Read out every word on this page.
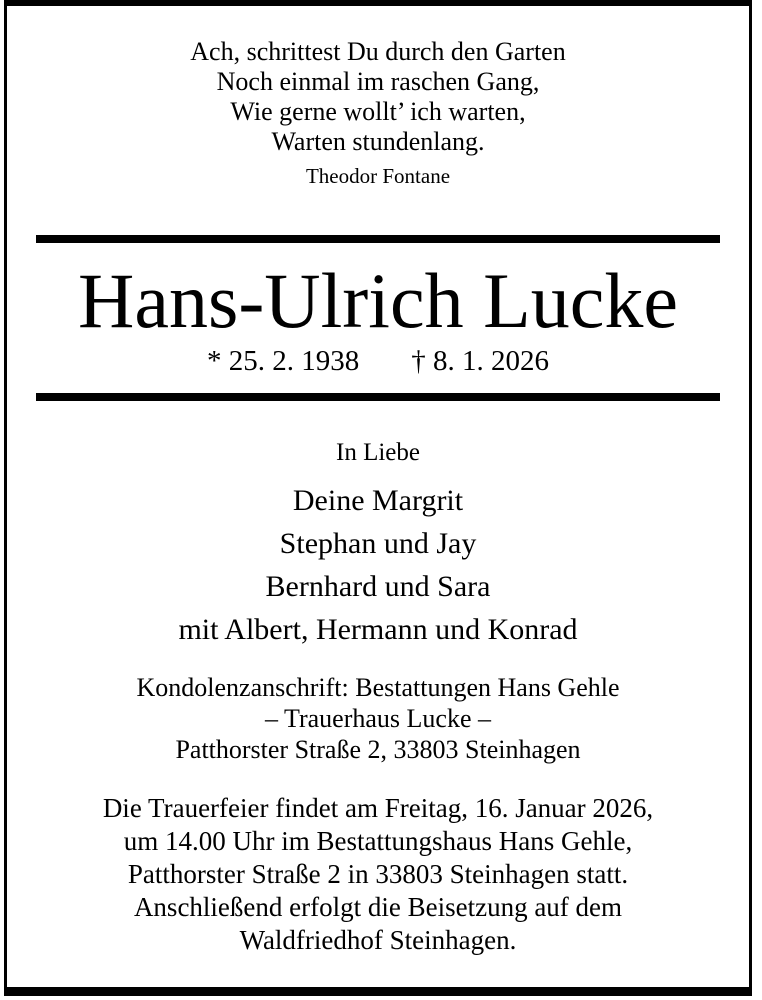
Ach, schrittest Du durch den Garten
Noch einmal im raschen Gang,
Wie gerne wollt’ ich warten,
Warten stundenlang.
Theodor Fontane
Hans-Ulrich Lucke
* 25. 2. 1938 † 8. 1. 2026
In Liebe
Deine Margrit
Stephan und Jay
Bernhard und Sara
mit Albert, Hermann und Konrad
Kondolenzanschrift: Bestattungen Hans Gehle
– Trauerhaus Lucke –
Patthorster Straße 2, 33803 Steinhagen
Die Trauerfeier findet am Freitag, 16. Januar 2026,
um 14.00 Uhr im Bestattungshaus Hans Gehle,
Patthorster Straße 2 in 33803 Steinhagen statt.
Anschließend erfolgt die Beisetzung auf dem
Waldfriedhof Steinhagen.
